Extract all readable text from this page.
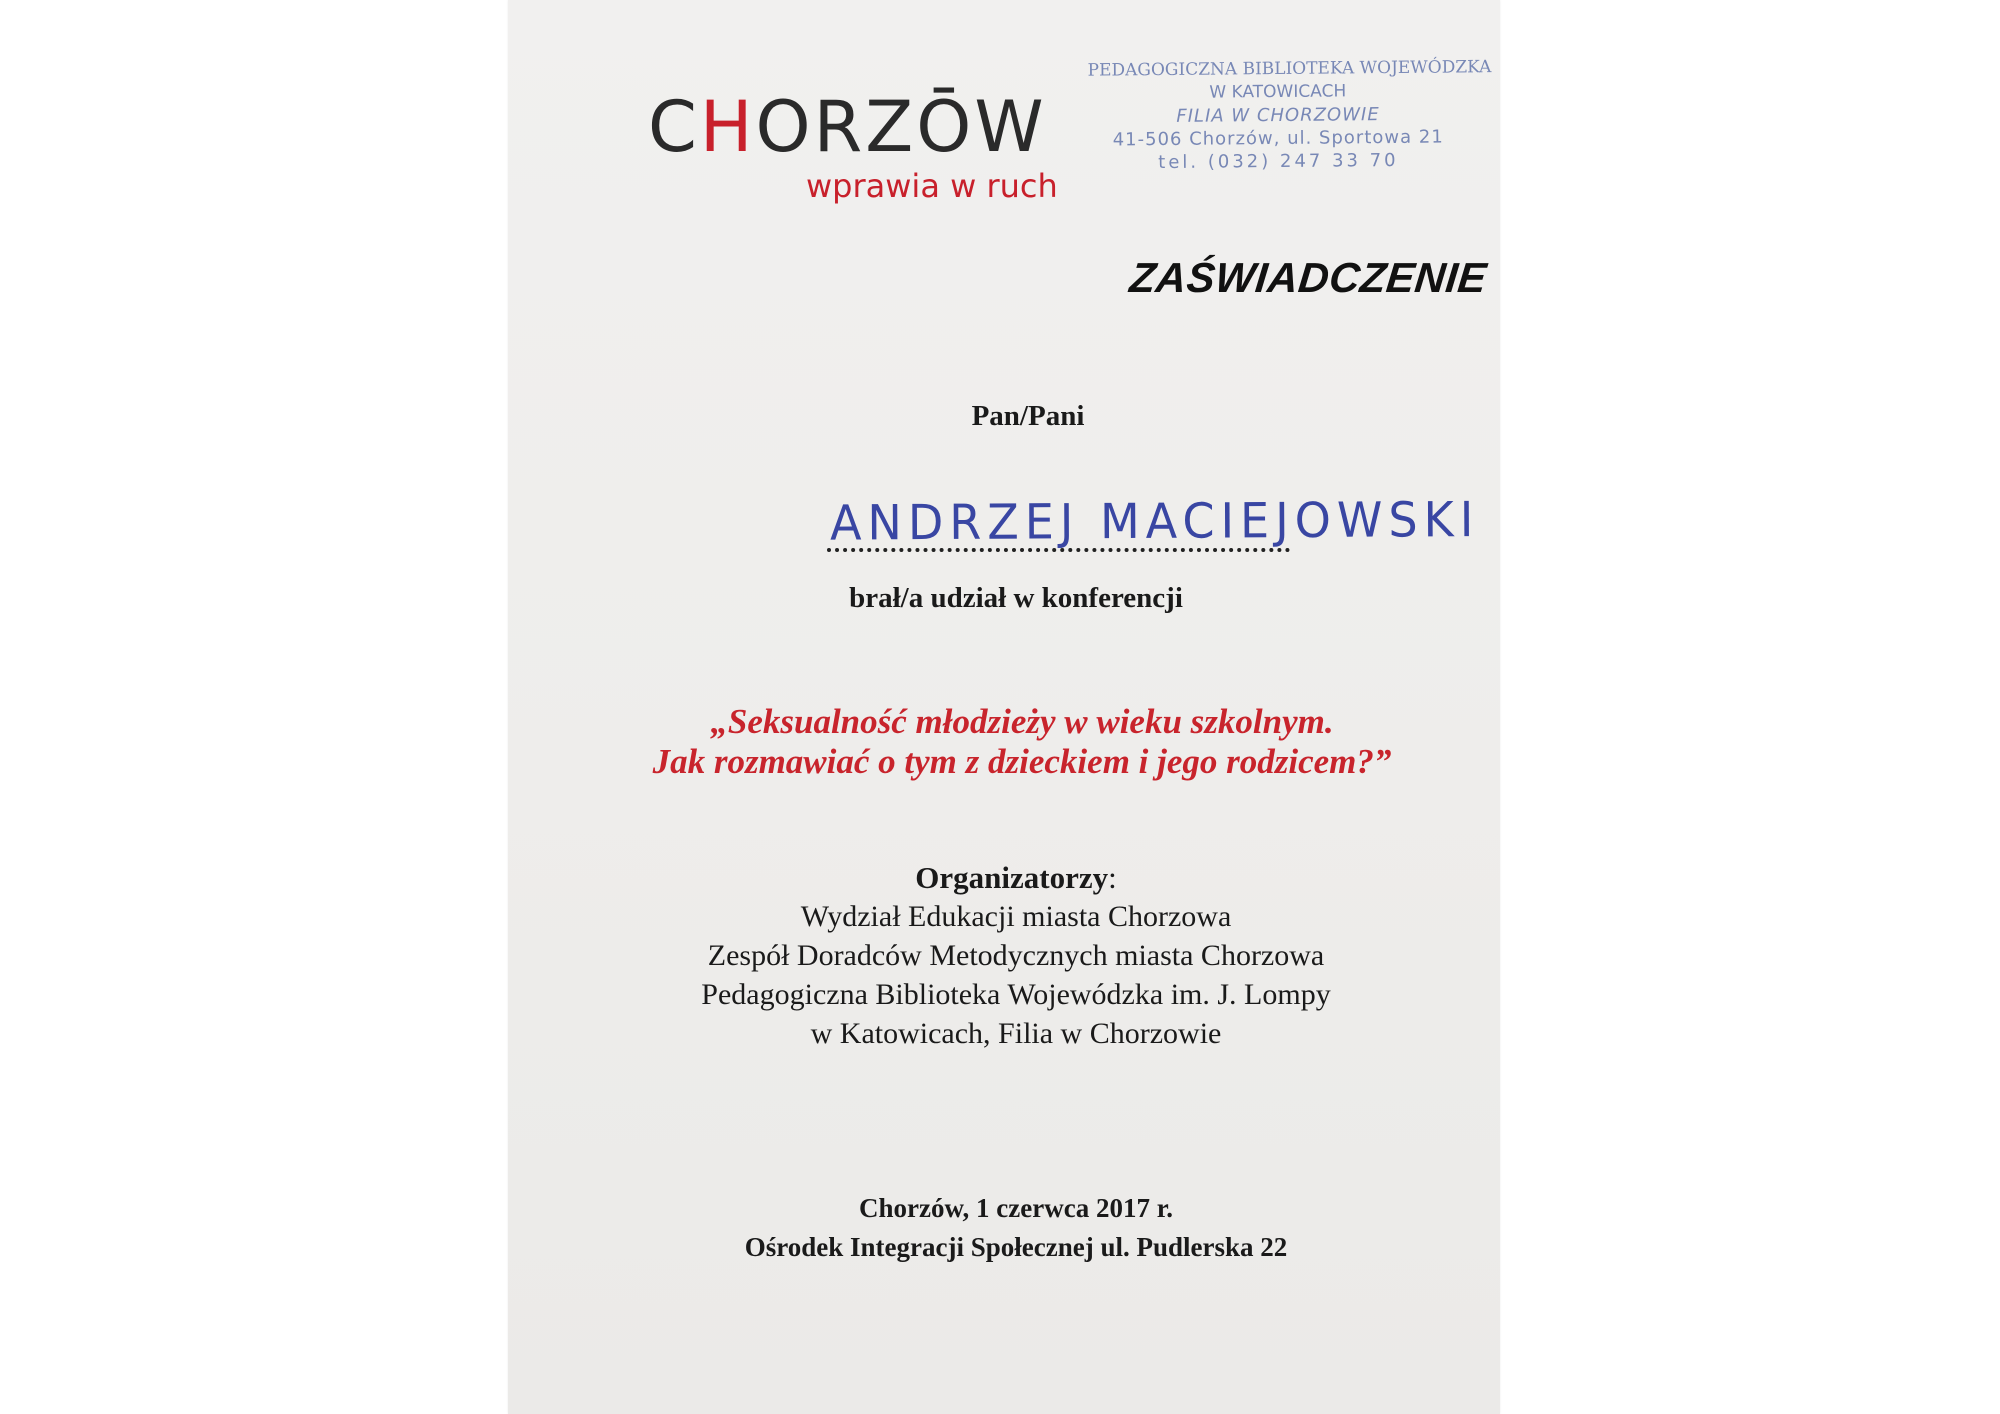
CHORZŌW
wprawia w ruch
PEDAGOGICZNA BIBLIOTEKA WOJEWÓDZKA
W KATOWICACH
FILIA W CHORZOWIE
41-506 Chorzów, ul. Sportowa 21
tel. (032) 247 33 70
ZAŚWIADCZENIE
Pan/Pani
ANDRZEJ MACIEJOWSKI
brał/a udział w konferencji
„Seksualność młodzieży w wieku szkolnym.
Jak rozmawiać o tym z dzieckiem i jego rodzicem?”
Organizatorzy:
Wydział Edukacji miasta Chorzowa
Zespół Doradców Metodycznych miasta Chorzowa
Pedagogiczna Biblioteka Wojewódzka im. J. Lompy
w Katowicach, Filia w Chorzowie
Chorzów, 1 czerwca 2017 r.
Ośrodek Integracji Społecznej ul. Pudlerska 22
